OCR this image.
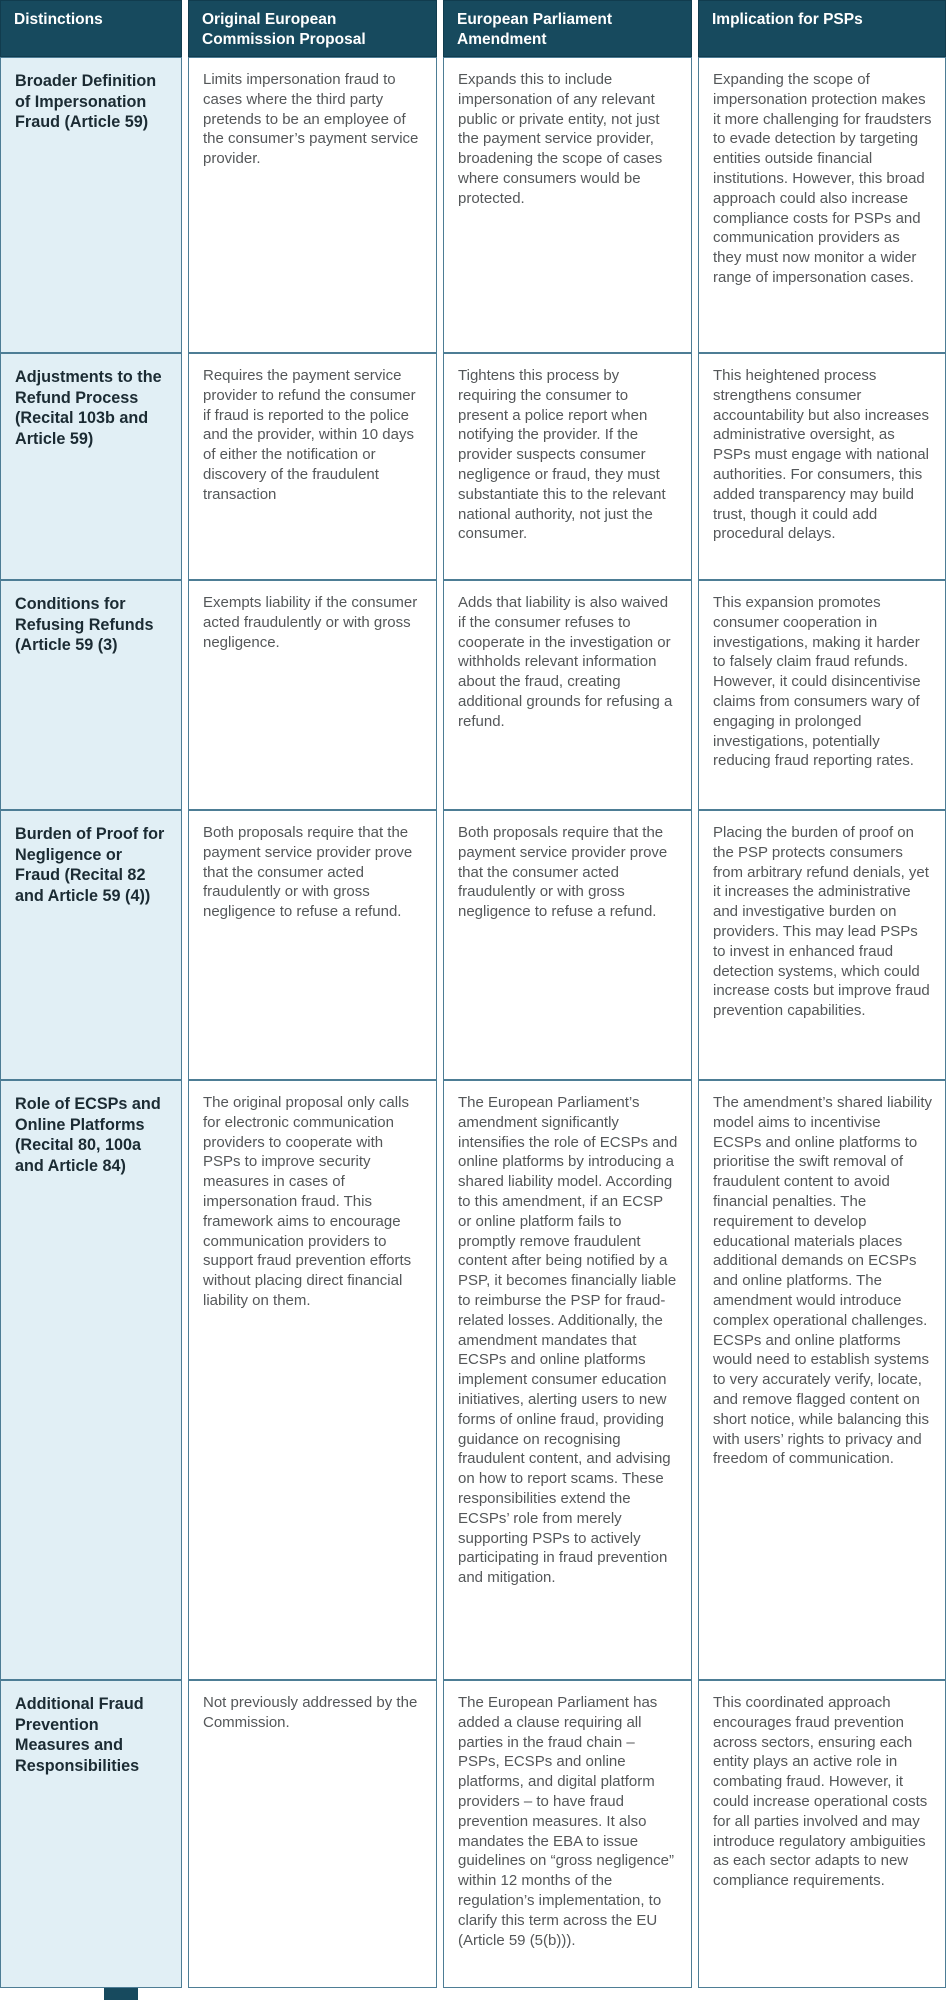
Distinctions	Original European Commission Proposal
European Parliament Amendment
Implication for PSPs
Broader Definition of Impersonation Fraud (Article 59)
Limits impersonation fraud to cases where the third party pretends to be an employee of the consumer’s payment service provider.
Expands this to include impersonation of any relevant public or private entity, not just the payment service provider, broadening the scope of cases where consumers would be protected.
Expanding the scope of impersonation protection makes it more challenging for fraudsters to evade detection by targeting entities outside financial institutions. However, this broad approach could also increase compliance costs for PSPs and communication providers as they must now monitor a wider range of impersonation cases.
Adjustments to the Refund Process (Recital 103b and Article 59)
Requires the payment service provider to refund the consumer if fraud is reported to the police and the provider, within 10 days of either the notification or discovery of the fraudulent transaction
Tightens this process by requiring the consumer to present a police report when notifying the provider. If the provider suspects consumer negligence or fraud, they must substantiate this to the relevant national authority, not just the consumer.
This heightened process strengthens consumer accountability but also increases administrative oversight, as PSPs must engage with national authorities. For consumers, this added transparency may build trust, though it could add procedural delays.
Conditions for Refusing Refunds (Article 59 (3)
Exempts liability if the consumer acted fraudulently or with gross negligence.
Adds that liability is also waived if the consumer refuses to cooperate in the investigation or withholds relevant information about the fraud, creating additional grounds for refusing a refund.
This expansion promotes consumer cooperation in investigations, making it harder to falsely claim fraud refunds. However, it could disincentivise claims from consumers wary of engaging in prolonged investigations, potentially reducing fraud reporting rates.
Burden of Proof for Negligence or Fraud (Recital 82 and Article 59 (4))
Both proposals require that the payment service provider prove that the consumer acted fraudulently or with gross negligence to refuse a refund.
Both proposals require that the payment service provider prove that the consumer acted fraudulently or with gross negligence to refuse a refund.
Placing the burden of proof on the PSP protects consumers from arbitrary refund denials, yet it increases the administrative and investigative burden on providers. This may lead PSPs to invest in enhanced fraud detection systems, which could increase costs but improve fraud prevention capabilities.
Role of ECSPs and Online Platforms (Recital 80, 100a and Article 84)
The original proposal only calls for electronic communication providers to cooperate with PSPs to improve security measures in cases of impersonation fraud. This framework aims to encourage communication providers to support fraud prevention efforts without placing direct financial liability on them.
The European Parliament’s amendment significantly intensifies the role of ECSPs and online platforms by introducing a shared liability model. According to this amendment, if an ECSP or online platform fails to promptly remove fraudulent content after being notified by a PSP, it becomes financially liable to reimburse the PSP for fraud-related losses. Additionally, the amendment mandates that ECSPs and online platforms implement consumer education initiatives, alerting users to new forms of online fraud, providing guidance on recognising fraudulent content, and advising on how to report scams. These responsibilities extend the ECSPs’ role from merely supporting PSPs to actively participating in fraud prevention and mitigation.
The amendment’s shared liability model aims to incentivise ECSPs and online platforms to prioritise the swift removal of fraudulent content to avoid financial penalties. The requirement to develop educational materials places additional demands on ECSPs and online platforms. The amendment would introduce complex operational challenges. ECSPs and online platforms would need to establish systems to very accurately verify, locate, and remove flagged content on short notice, while balancing this with users’ rights to privacy and freedom of communication.
Additional Fraud Prevention Measures and Responsibilities
Not previously addressed by the Commission.
The European Parliament has added a clause requiring all parties in the fraud chain – PSPs, ECSPs and online platforms, and digital platform providers – to have fraud prevention measures. It also mandates the EBA to issue guidelines on “gross negligence” within 12 months of the regulation’s implementation, to clarify this term across the EU (Article 59 (5(b))).
This coordinated approach encourages fraud prevention across sectors, ensuring each entity plays an active role in combating fraud. However, it could increase operational costs for all parties involved and may introduce regulatory ambiguities as each sector adapts to new compliance requirements.
